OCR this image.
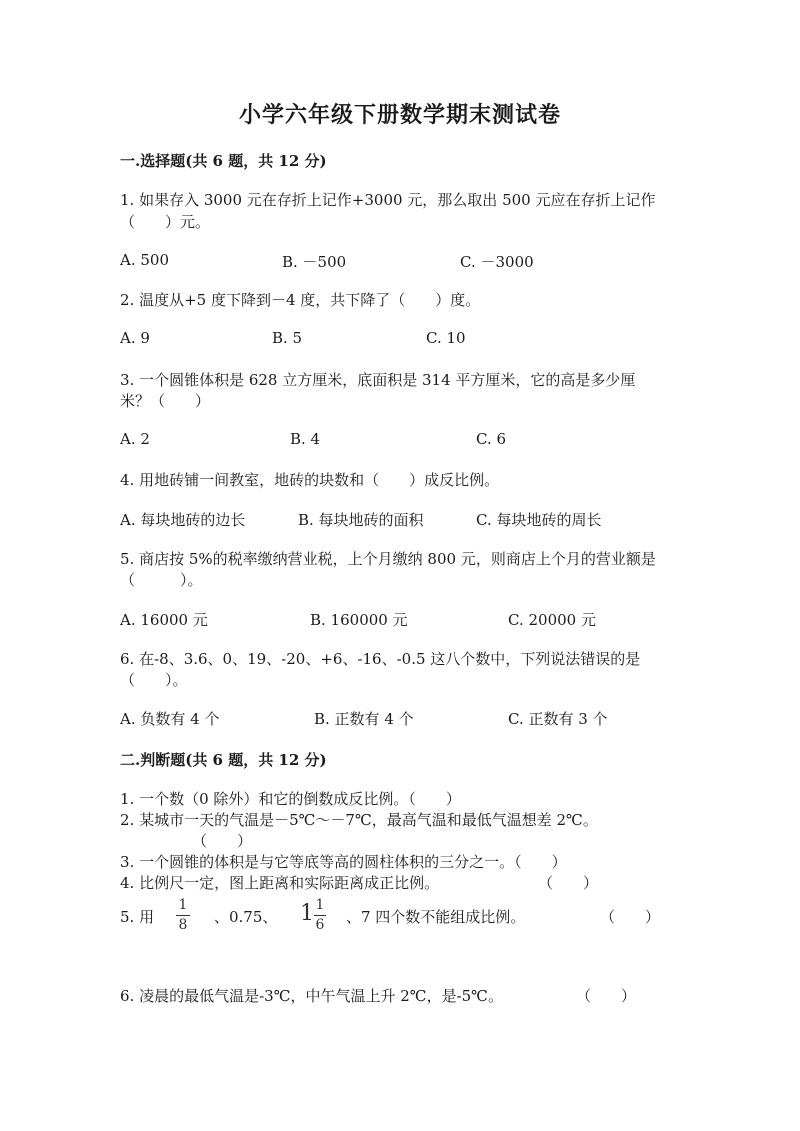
小学六年级下册数学期末测试卷
一.选择题(共 6 题，共 12 分)
1. 如果存入 3000 元在存折上记作+3000 元，那么取出 500 元应在存折上记作
（　　）元。
A. 500	B. －500	C. －3000
2. 温度从+5 度下降到－4 度，共下降了（　　）度。
A. 9	B. 5	C. 10
3. 一个圆锥体积是 628 立方厘米，底面积是 314 平方厘米，它的高是多少厘
米？（　　）
A. 2	B. 4	C. 6
4. 用地砖铺一间教室，地砖的块数和（　　）成反比例。
A. 每块地砖的边长	B. 每块地砖的面积	C. 每块地砖的周长
5. 商店按 5%的税率缴纳营业税，上个月缴纳 800 元，则商店上个月的营业额是
（　　　）。
A. 16000 元	B. 160000 元	C. 20000 元
6. 在-8、3.6、0、19、-20、+6、-16、-0.5 这八个数中，下列说法错误的是
（　　）。
A. 负数有 4 个	B. 正数有 4 个	C. 正数有 3 个
二.判断题(共 6 题，共 12 分)
1. 一个数（0 除外）和它的倒数成反比例。（　　）
2. 某城市一天的气温是－5℃～－7℃，最高气温和最低气温想差 2℃。
（　　）
3. 一个圆锥的体积是与它等底等高的圆柱体积的三分之一。（　　）
4. 比例尺一定，图上距离和实际距离成正比例。	（　　）
5. 用
1
8 、0.75、 1 1
6 、7 四个数不能组成比例。	（　　）
6. 凌晨的最低气温是-3℃，中午气温上升 2℃，是-5℃。	（　　）
